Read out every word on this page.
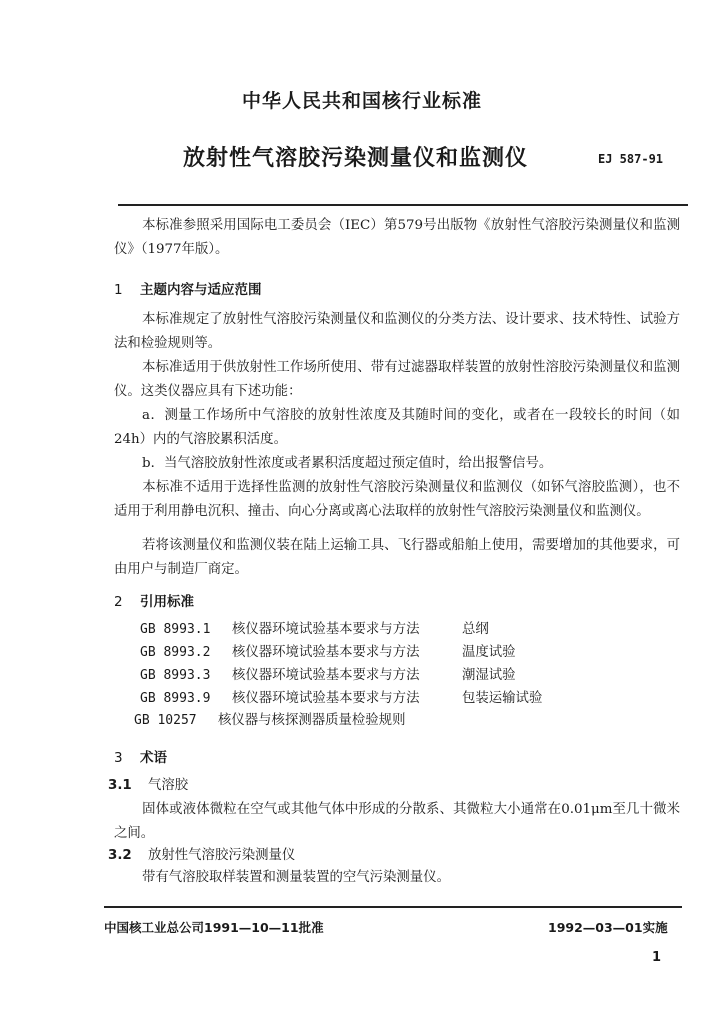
中华人民共和国核行业标准
放射性气溶胶污染测量仪和监测仪	EJ 587-91
本标准参照采用国际电工委员会（IEC）第579号出版物《放射性气溶胶污染测量仪和监测仪》（1977年版）。
1 主题内容与适应范围
本标准规定了放射性气溶胶污染测量仪和监测仪的分类方法、设计要求、技术特性、试验方法和检验规则等。
本标准适用于供放射性工作场所使用、带有过滤器取样装置的放射性溶胶污染测量仪和监测仪。这类仪器应具有下述功能：
a．测量工作场所中气溶胶的放射性浓度及其随时间的变化，或者在一段较长的时间（如24h）内的气溶胶累积活度。
b．当气溶胶放射性浓度或者累积活度超过预定值时，给出报警信号。
本标准不适用于选择性监测的放射性气溶胶污染测量仪和监测仪（如钚气溶胶监测），也不适用于利用静电沉积、撞击、向心分离或离心法取样的放射性气溶胶污染测量仪和监测仪。
若将该测量仪和监测仪装在陆上运输工具、飞行器或船舶上使用，需要增加的其他要求，可由用户与制造厂商定。
2 引用标准
GB 8993.1 核仪器环境试验基本要求与方法	总纲
GB 8993.2 核仪器环境试验基本要求与方法	温度试验
GB 8993.3 核仪器环境试验基本要求与方法	潮湿试验
GB 8993.9 核仪器环境试验基本要求与方法	包装运输试验
GB 10257 核仪器与核探测器质量检验规则
3 术语
3.1 气溶胶
固体或液体微粒在空气或其他气体中形成的分散系、其微粒大小通常在0.01μm至几十微米之间。
3.2 放射性气溶胶污染测量仪
带有气溶胶取样装置和测量装置的空气污染测量仪。
中国核工业总公司1991—10—11批准	1992—03—01实施
1
